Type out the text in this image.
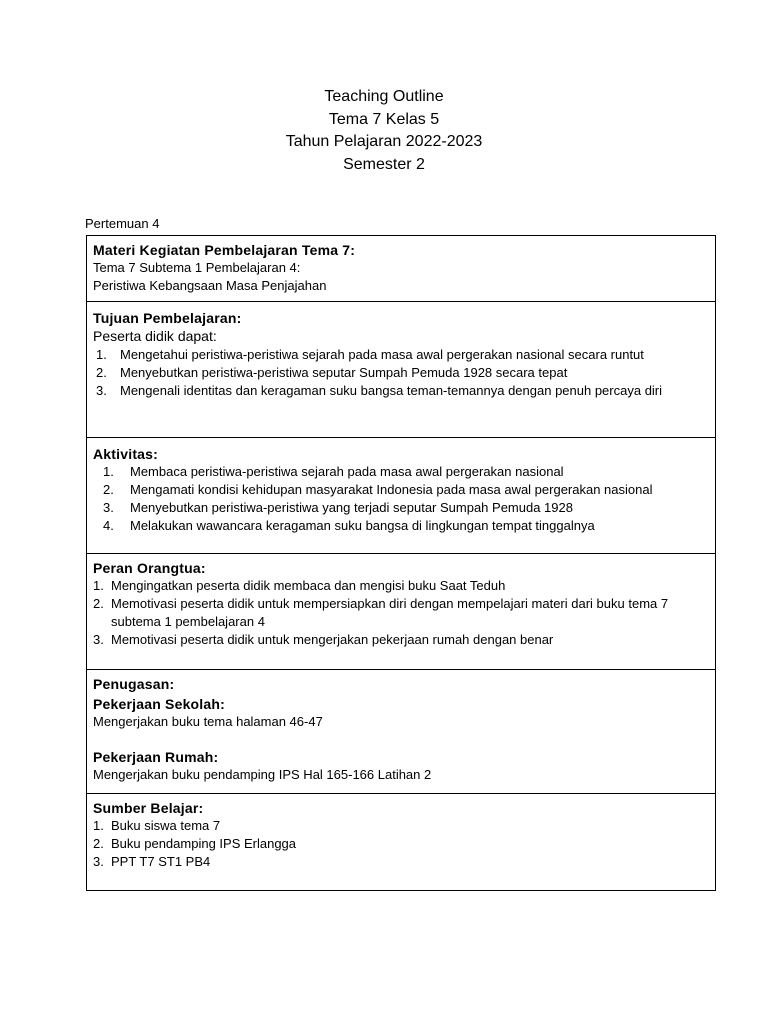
Teaching Outline
Tema 7 Kelas 5
Tahun Pelajaran 2022-2023
Semester 2
Pertemuan 4
Materi Kegiatan Pembelajaran Tema 7:
Tema 7 Subtema 1 Pembelajaran 4:
Peristiwa Kebangsaan Masa Penjajahan
Tujuan Pembelajaran:
Peserta didik dapat:
1. Mengetahui peristiwa-peristiwa sejarah pada masa awal pergerakan nasional secara runtut
2. Menyebutkan peristiwa-peristiwa seputar Sumpah Pemuda 1928 secara tepat
3. Mengenali identitas dan keragaman suku bangsa teman-temannya dengan penuh percaya diri
Aktivitas:
1. Membaca peristiwa-peristiwa sejarah pada masa awal pergerakan nasional
2. Mengamati kondisi kehidupan masyarakat Indonesia pada masa awal pergerakan nasional
3. Menyebutkan peristiwa-peristiwa yang terjadi seputar Sumpah Pemuda 1928
4. Melakukan wawancara keragaman suku bangsa di lingkungan tempat tinggalnya
Peran Orangtua:
1. Mengingatkan peserta didik membaca dan mengisi buku Saat Teduh
2. Memotivasi peserta didik untuk mempersiapkan diri dengan mempelajari materi dari buku tema 7 subtema 1 pembelajaran 4
3. Memotivasi peserta didik untuk mengerjakan pekerjaan rumah dengan benar
Penugasan:
Pekerjaan Sekolah:
Mengerjakan buku tema halaman 46-47
Pekerjaan Rumah:
Mengerjakan buku pendamping IPS Hal 165-166 Latihan 2
Sumber Belajar:
1. Buku siswa tema 7
2. Buku pendamping IPS Erlangga
3. PPT T7 ST1 PB4
